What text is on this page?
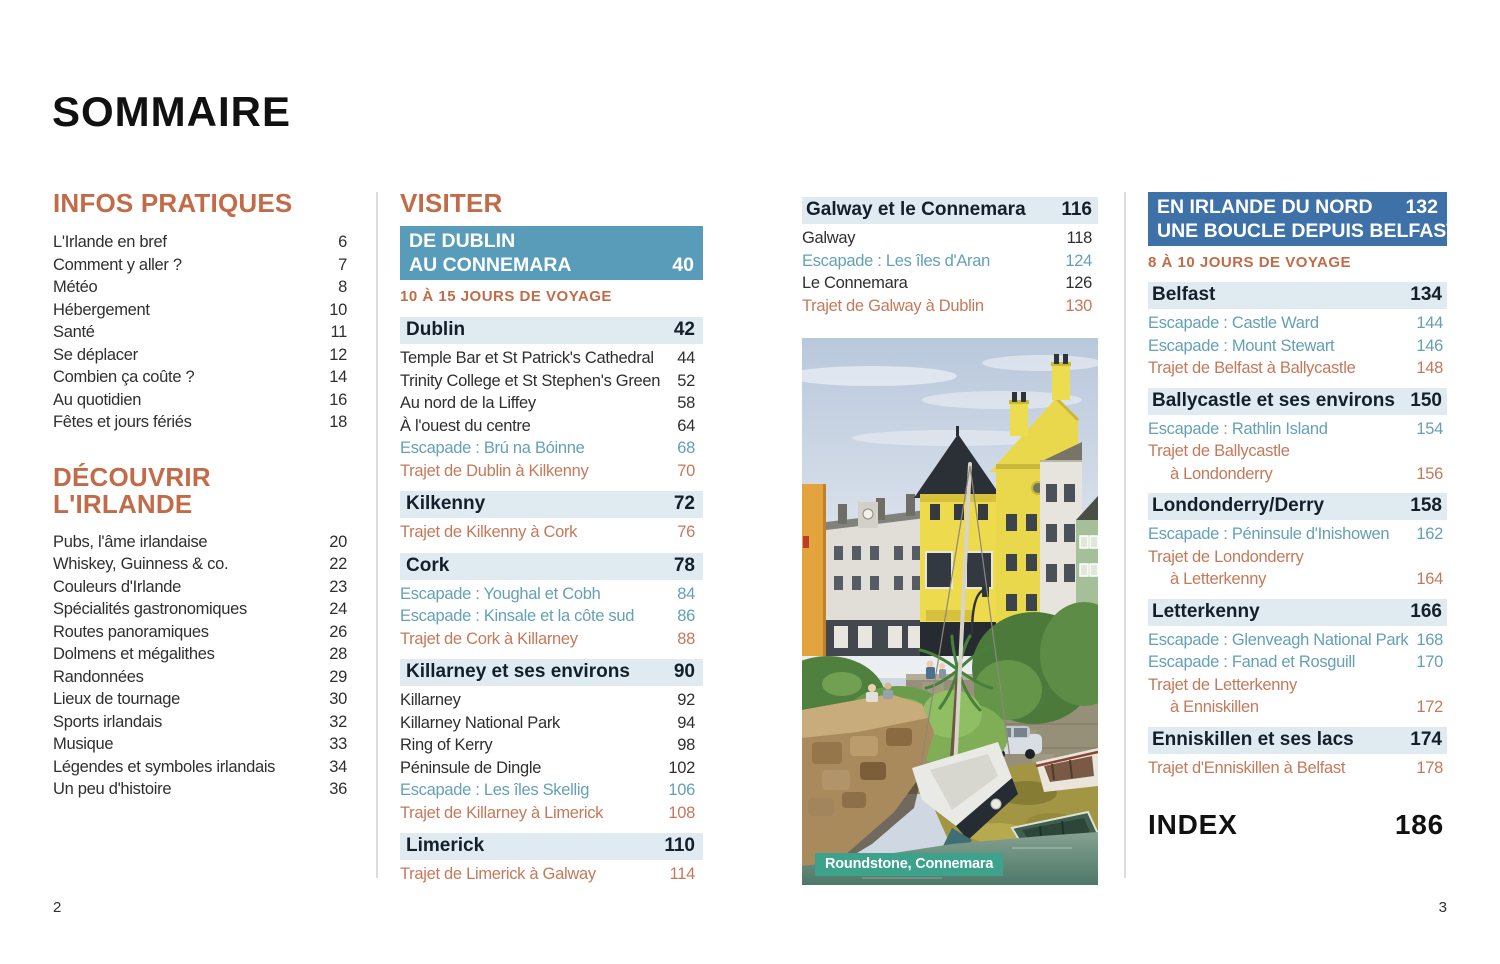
SOMMAIRE
INFOS PRATIQUES
L'Irlande en bref	6
Comment y aller ?	7
Météo	8
Hébergement	10
Santé	11
Se déplacer	12
Combien ça coûte ?	14
Au quotidien	16
Fêtes et jours fériés	18
DÉCOUVRIR
L'IRLANDE
Pubs, l'âme irlandaise	20
Whiskey, Guinness & co.	22
Couleurs d'Irlande	23
Spécialités gastronomiques	24
Routes panoramiques	26
Dolmens et mégalithes	28
Randonnées	29
Lieux de tournage	30
Sports irlandais	32
Musique	33
Légendes et symboles irlandais	34
Un peu d'histoire	36
VISITER
DE DUBLIN
AU CONNEMARA	40
10 À 15 JOURS DE VOYAGE
Dublin	42
Temple Bar et St Patrick's Cathedral	44
Trinity College et St Stephen's Green	52
Au nord de la Liffey	58
À l'ouest du centre	64
Escapade : Brú na Bóinne	68
Trajet de Dublin à Kilkenny	70
Kilkenny	72
Trajet de Kilkenny à Cork	76
Cork	78
Escapade : Youghal et Cobh	84
Escapade : Kinsale et la côte sud	86
Trajet de Cork à Killarney	88
Killarney et ses environs 90
Killarney	92
Killarney National Park	94
Ring of Kerry	98
Péninsule de Dingle	102
Escapade : Les îles Skellig	106
Trajet de Killarney à Limerick	108
Limerick	110
Trajet de Limerick à Galway	114
Galway et le Connemara 116
Galway	118
Escapade : Les îles d'Aran	124
Le Connemara	126
Trajet de Galway à Dublin	130
Roundstone, Connemara
EN IRLANDE DU NORD 132
UNE BOUCLE DEPUIS BELFAST
8 À 10 JOURS DE VOYAGE
Belfast	134
Escapade : Castle Ward	144
Escapade : Mount Stewart	146
Trajet de Belfast à Ballycastle	148
Ballycastle et ses environs 150
Escapade : Rathlin Island	154
Trajet de Ballycastle
à Londonderry	156
Londonderry/Derry	158
Escapade : Péninsule d'Inishowen	162
Trajet de Londonderry
à Letterkenny	164
Letterkenny	166
Escapade : Glenveagh National Park 168
Escapade : Fanad et Rosguill	170
Trajet de Letterkenny
à Enniskillen	172
Enniskillen et ses lacs	174
Trajet d'Enniskillen à Belfast	178
INDEX	186
2	3
